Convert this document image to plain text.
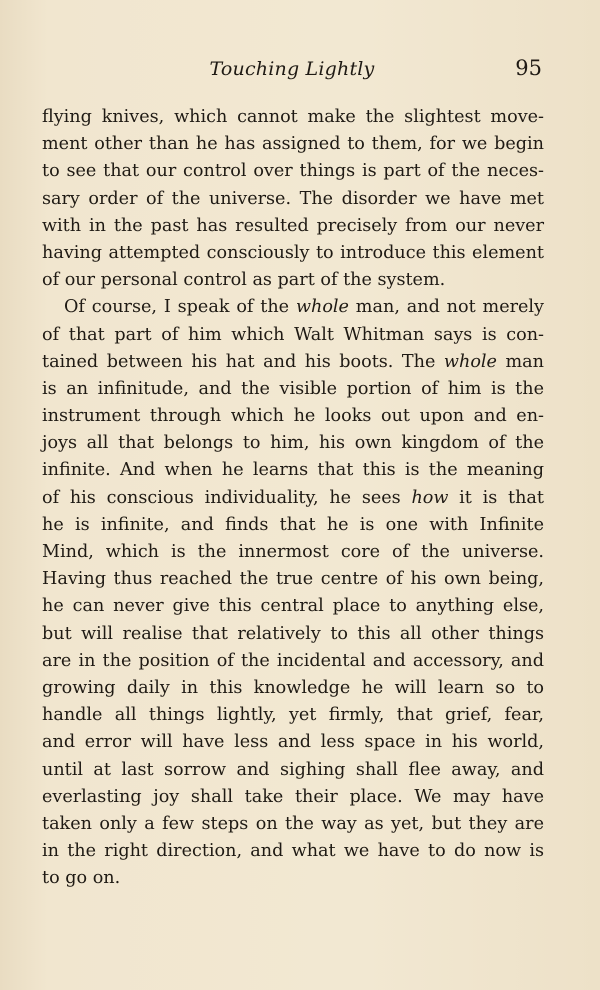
Touching Lightly	95
flying knives, which cannot make the slightest move-
ment other than he has assigned to them, for we begin
to see that our control over things is part of the neces-
sary order of the universe. The disorder we have met
with in the past has resulted precisely from our never
having attempted consciously to introduce this element
of our personal control as part of the system.
Of course, I speak of the whole man, and not merely
of that part of him which Walt Whitman says is con-
tained between his hat and his boots. The whole man
is an infinitude, and the visible portion of him is the
instrument through which he looks out upon and en-
joys all that belongs to him, his own kingdom of the
infinite. And when he learns that this is the meaning
of his conscious individuality, he sees how it is that
he is infinite, and finds that he is one with Infinite
Mind, which is the innermost core of the universe.
Having thus reached the true centre of his own being,
he can never give this central place to anything else,
but will realise that relatively to this all other things
are in the position of the incidental and accessory, and
growing daily in this knowledge he will learn so to
handle all things lightly, yet firmly, that grief, fear,
and error will have less and less space in his world,
until at last sorrow and sighing shall flee away, and
everlasting joy shall take their place. We may have
taken only a few steps on the way as yet, but they are
in the right direction, and what we have to do now is
to go on.
